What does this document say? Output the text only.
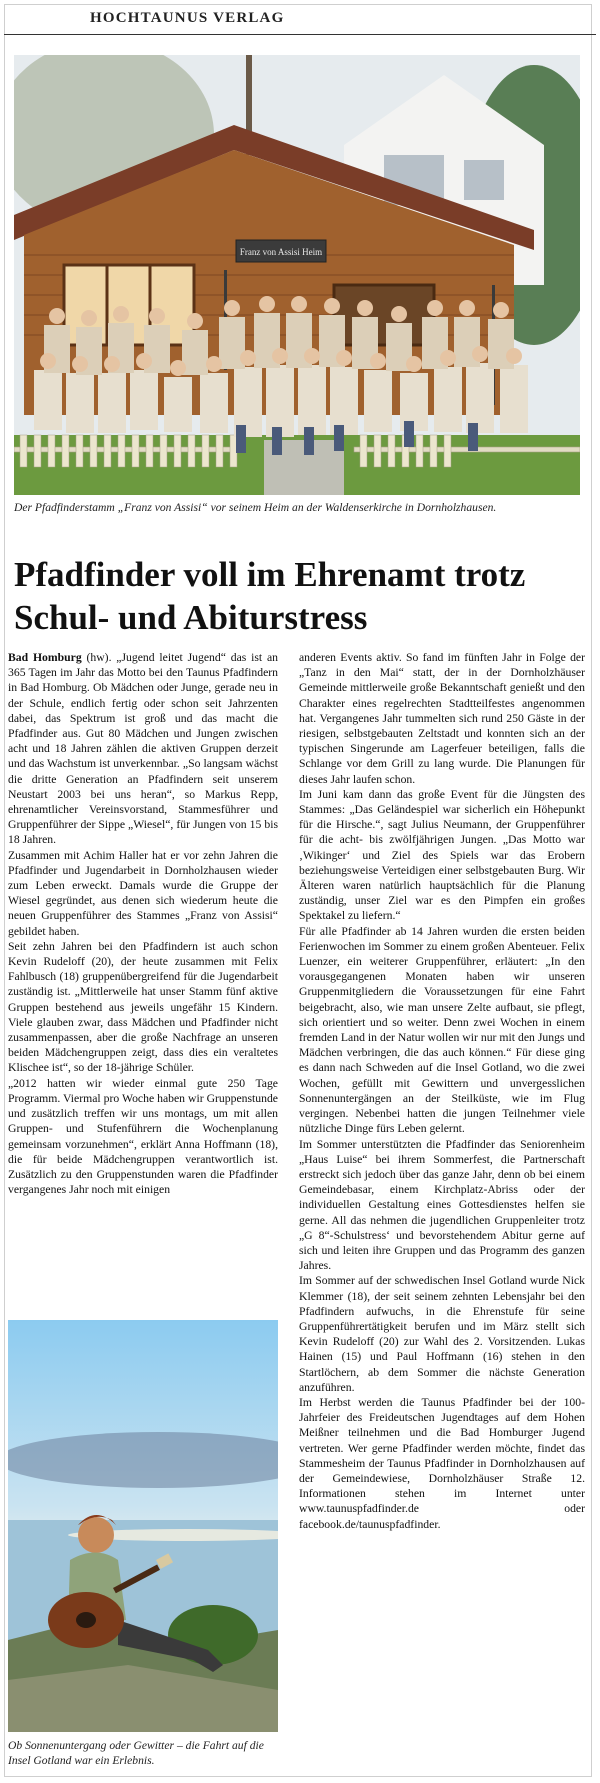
HOCHTAUNUS VERLAG
Franz von Assisi Heim
Der Pfadfinderstamm „Franz von Assisi“ vor seinem Heim an der Waldenserkirche in Dornholzhausen.
Pfadfinder voll im Ehrenamt trotz Schul- und Abiturstress

Bad Homburg (hw). „Jugend leitet Jugend“ das ist an 365 Tagen im Jahr das Motto bei den Taunus Pfadfindern in Bad Homburg. Ob Mädchen oder Junge, gerade neu in der Schule, endlich fertig oder schon seit Jahrzenten dabei, das Spektrum ist groß und das macht die Pfadfinder aus. Gut 80 Mädchen und Jungen zwischen acht und 18 Jahren zählen die aktiven Gruppen derzeit und das Wachstum ist unverkennbar. „So langsam wächst die dritte Generation an Pfadfindern seit unserem Neustart 2003 bei uns heran“, so Markus Repp, ehrenamtlicher Vereinsvorstand, Stammesführer und Gruppenführer der Sippe „Wiesel“, für Jungen von 15 bis 18 Jahren.

Zusammen mit Achim Haller hat er vor zehn Jahren die Pfadfinder und Jugendarbeit in Dornholzhausen wieder zum Leben erweckt. Damals wurde die Gruppe der Wiesel gegründet, aus denen sich wiederum heute die neuen Gruppenführer des Stammes „Franz von Assisi“ gebildet haben.

Seit zehn Jahren bei den Pfadfindern ist auch schon Kevin Rudeloff (20), der heute zusammen mit Felix Fahlbusch (18) gruppenübergreifend für die Jugendarbeit zuständig ist. „Mittlerweile hat unser Stamm fünf aktive Gruppen bestehend aus jeweils ungefähr 15 Kindern. Viele glauben zwar, dass Mädchen und Pfadfinder nicht zusammenpassen, aber die große Nachfrage an unseren beiden Mädchengruppen zeigt, dass dies ein veraltetes Klischee ist“, so der 18-jährige Schüler.

„2012 hatten wir wieder einmal gute 250 Tage Programm. Viermal pro Woche haben wir Gruppenstunde und zusätzlich treffen wir uns montags, um mit allen Gruppen- und Stufenführern die Wochenplanung gemeinsam vorzunehmen“, erklärt Anna Hoffmann (18), die für beide Mädchengruppen verantwortlich ist. Zusätzlich zu den Gruppenstunden waren die Pfadfinder vergangenes Jahr noch mit einigen

Ob Sonnenuntergang oder Gewitter – die Fahrt auf die Insel Gotland war ein Erlebnis.

anderen Events aktiv. So fand im fünften Jahr in Folge der „Tanz in den Mai“ statt, der in der Dornholzhäuser Gemeinde mittlerweile große Bekanntschaft genießt und den Charakter eines regelrechten Stadtteilfestes angenommen hat. Vergangenes Jahr tummelten sich rund 250 Gäste in der riesigen, selbstgebauten Zeltstadt und konnten sich an der typischen Singerunde am Lagerfeuer beteiligen, falls die Schlange vor dem Grill zu lang wurde. Die Planungen für dieses Jahr laufen schon.

Im Juni kam dann das große Event für die Jüngsten des Stammes: „Das Geländespiel war sicherlich ein Höhepunkt für die Hirsche.“, sagt Julius Neumann, der Gruppenführer für die acht- bis zwölfjährigen Jungen. „Das Motto war ‚Wikinger‘ und Ziel des Spiels war das Erobern beziehungsweise Verteidigen einer selbstgebauten Burg. Wir Älteren waren natürlich hauptsächlich für die Planung zuständig, unser Ziel war es den Pimpfen ein großes Spektakel zu liefern.“

Für alle Pfadfinder ab 14 Jahren wurden die ersten beiden Ferienwochen im Sommer zu einem großen Abenteuer. Felix Luenzer, ein weiterer Gruppenführer, erläutert: „In den vorausgegangenen Monaten haben wir unseren Gruppenmitgliedern die Voraussetzungen für eine Fahrt beigebracht, also, wie man unsere Zelte aufbaut, sie pflegt, sich orientiert und so weiter. Denn zwei Wochen in einem fremden Land in der Natur wollen wir nur mit den Jungs und Mädchen verbringen, die das auch können.“ Für diese ging es dann nach Schweden auf die Insel Gotland, wo die zwei Wochen, gefüllt mit Gewittern und unvergesslichen Sonnenuntergängen an der Steilküste, wie im Flug vergingen. Nebenbei hatten die jungen Teilnehmer viele nützliche Dinge fürs Leben gelernt.

Im Sommer unterstützten die Pfadfinder das Seniorenheim „Haus Luise“ bei ihrem Sommerfest, die Partnerschaft erstreckt sich jedoch über das ganze Jahr, denn ob bei einem Gemeindebasar, einem Kirchplatz-Abriss oder der individuellen Gestaltung eines Gottesdienstes helfen sie gerne. All das nehmen die jugendlichen Gruppenleiter trotz „G 8“-Schulstress‘ und bevorstehendem Abitur gerne auf sich und leiten ihre Gruppen und das Programm des ganzen Jahres.

Im Sommer auf der schwedischen Insel Gotland wurde Nick Klemmer (18), der seit seinem zehnten Lebensjahr bei den Pfadfindern aufwuchs, in die Ehrenstufe für seine Gruppenführertätigkeit berufen und im März stellt sich Kevin Rudeloff (20) zur Wahl des 2. Vorsitzenden. Lukas Hainen (15) und Paul Hoffmann (16) stehen in den Startlöchern, ab dem Sommer die nächste Generation anzuführen.

Im Herbst werden die Taunus Pfadfinder bei der 100-Jahrfeier des Freideutschen Jugendtages auf dem Hohen Meißner teilnehmen und die Bad Homburger Jugend vertreten. Wer gerne Pfadfinder werden möchte, findet das Stammesheim der Taunus Pfadfinder in Dornholzhausen auf der Gemeindewiese, Dornholzhäuser Straße 12. Informationen stehen im Internet unter www.taunuspfadfinder.de oder facebook.de/taunuspfadfinder.
